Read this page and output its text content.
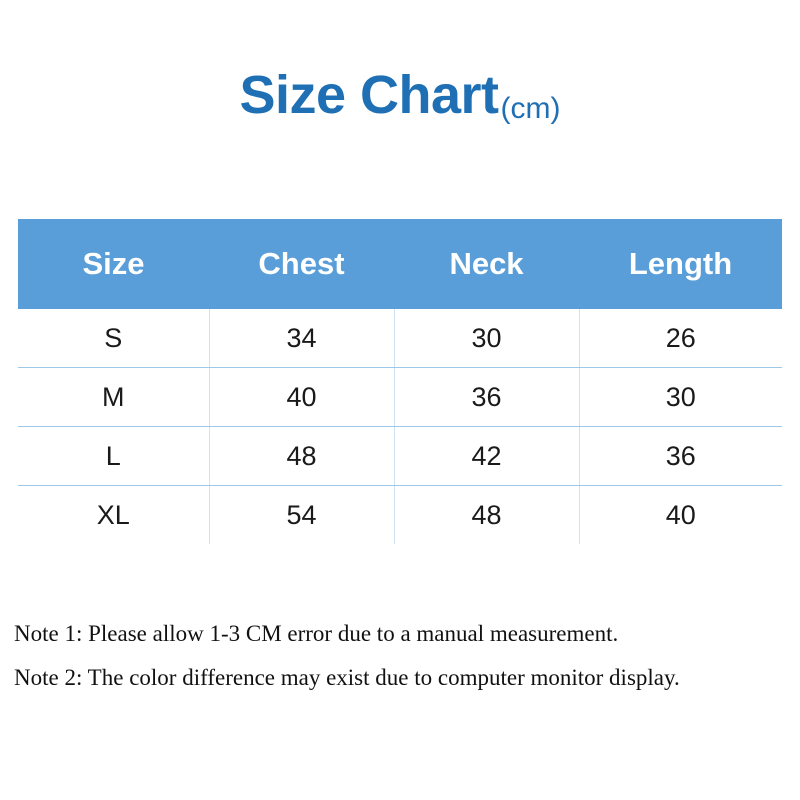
Size Chart(cm)
Size	Chest	Neck	Length
S	34	30	26
M	40	36	30
L	48	42	36
XL	54	48	40
Note 1: Please allow 1-3 CM error due to a manual measurement.
Note 2: The color difference may exist due to computer monitor display.
